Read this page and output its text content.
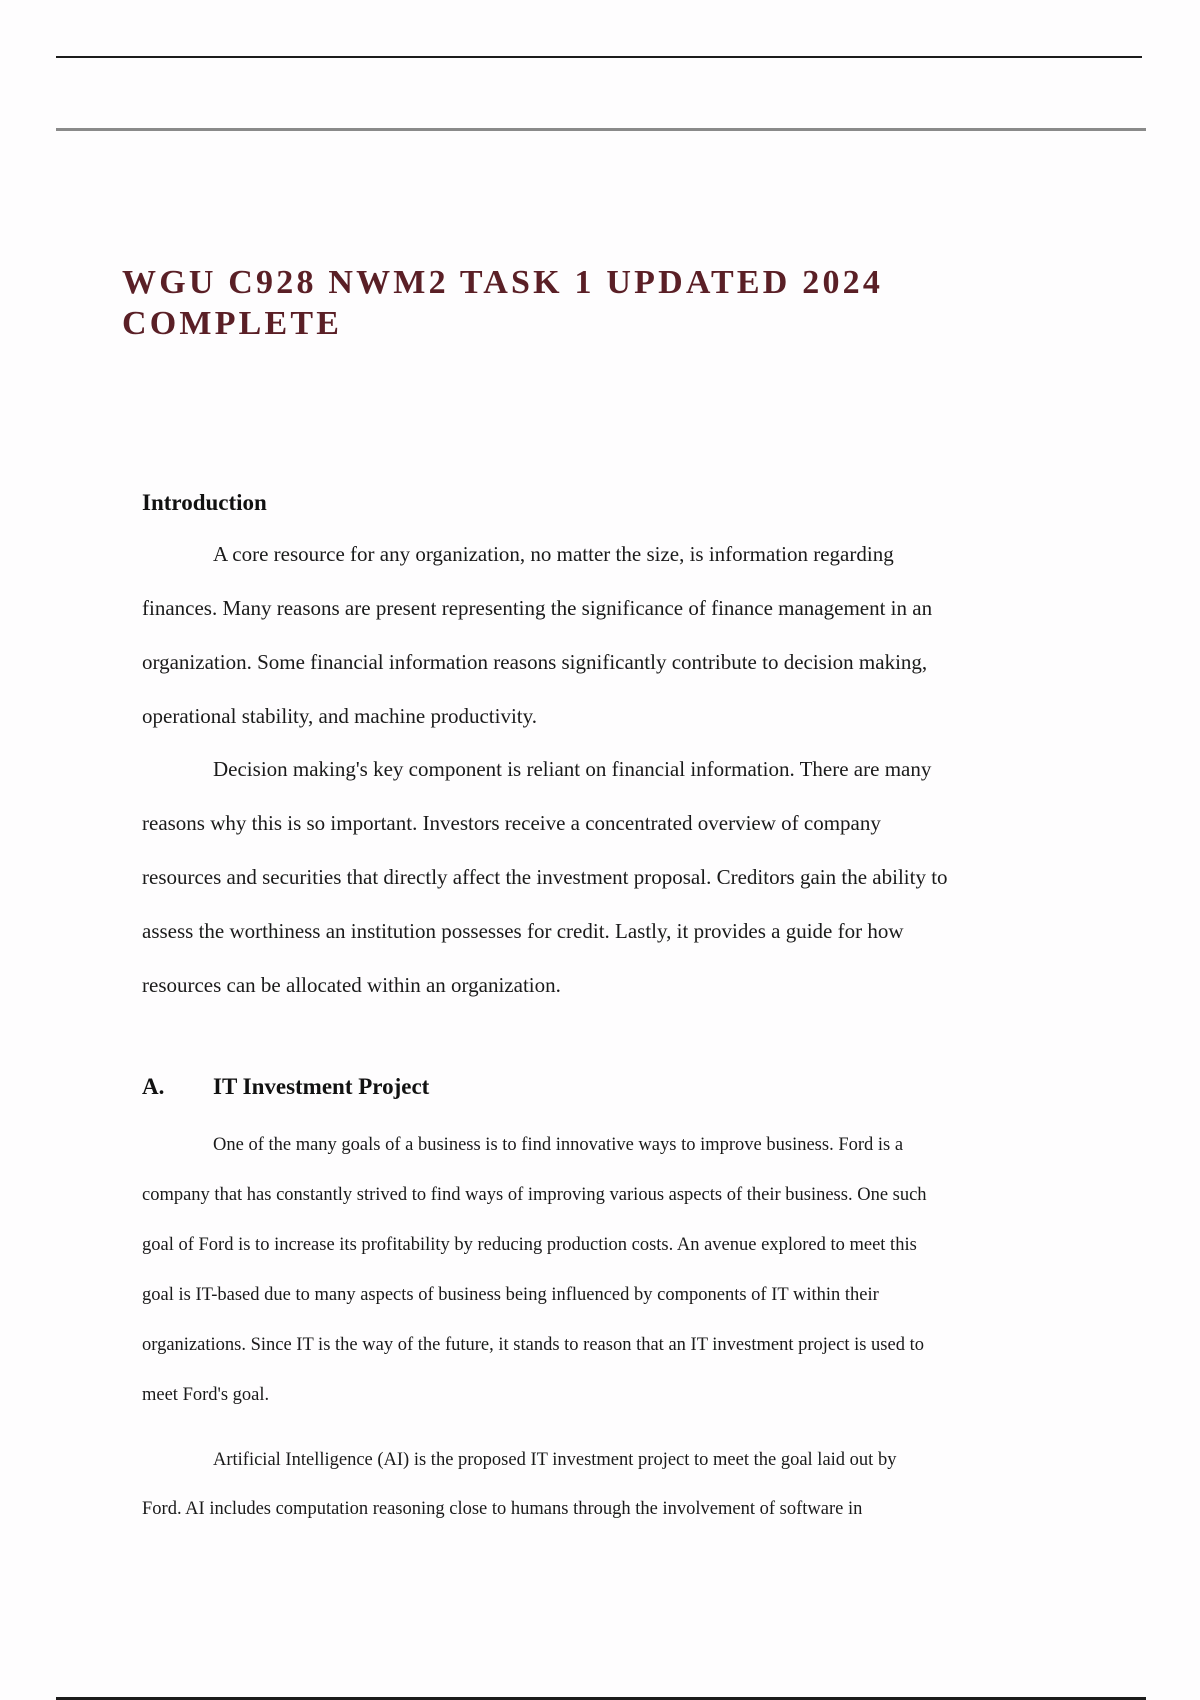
WGU C928 NWM2 TASK 1 UPDATED 2024
COMPLETE
Introduction
A core resource for any organization, no matter the size, is information regarding
finances. Many reasons are present representing the significance of finance management in an
organization. Some financial information reasons significantly contribute to decision making,
operational stability, and machine productivity.
Decision making's key component is reliant on financial information. There are many
reasons why this is so important. Investors receive a concentrated overview of company
resources and securities that directly affect the investment proposal. Creditors gain the ability to
assess the worthiness an institution possesses for credit. Lastly, it provides a guide for how
resources can be allocated within an organization.
A.	IT Investment Project
One of the many goals of a business is to find innovative ways to improve business. Ford is a
company that has constantly strived to find ways of improving various aspects of their business. One such
goal of Ford is to increase its profitability by reducing production costs. An avenue explored to meet this
goal is IT-based due to many aspects of business being influenced by components of IT within their
organizations. Since IT is the way of the future, it stands to reason that an IT investment project is used to
meet Ford's goal.
Artificial Intelligence (AI) is the proposed IT investment project to meet the goal laid out by
Ford. AI includes computation reasoning close to humans through the involvement of software in
